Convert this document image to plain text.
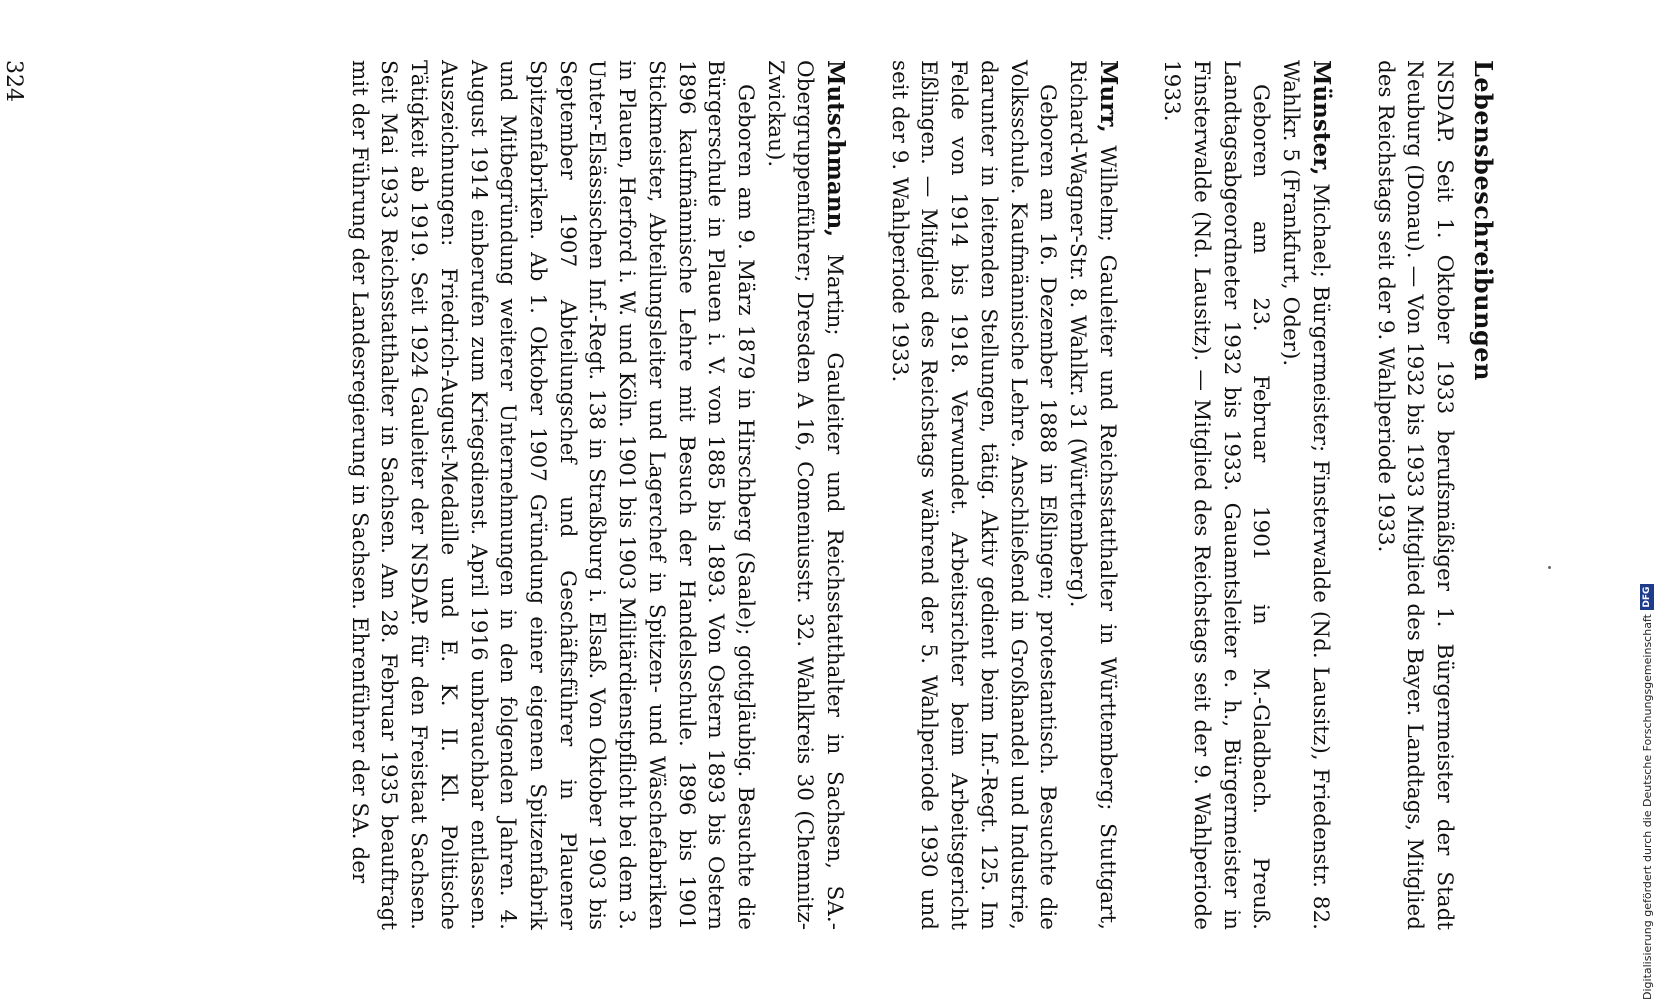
Lebensbeschreibungen

NSDAP. Seit 1. Oktober 1933 berufsmäßiger 1. Bürgermeister der Stadt Neuburg (Donau). — Von 1932 bis 1933 Mitglied des Bayer. Landtags, Mitglied des Reichstags seit der 9. Wahlperiode 1933.

Münster, Michael; Bürgermeister; Finsterwalde (Nd. Lausitz), Friedenstr. 82. Wahlkr. 5 (Frankfurt, Oder).

Geboren am 23. Februar 1901 in M.-Gladbach. Preuß. Landtagsabgeordneter 1932 bis 1933. Gauamtsleiter e. h., Bürgermeister in Finsterwalde (Nd. Lausitz). — Mitglied des Reichstags seit der 9. Wahlperiode 1933.

Murr, Wilhelm; Gauleiter und Reichsstatthalter in Württemberg; Stuttgart, Richard-Wagner-Str. 8. Wahlkr. 31 (Württemberg).

Geboren am 16. Dezember 1888 in Eßlingen; protestantisch. Besuchte die Volksschule. Kaufmännische Lehre. Anschließend in Großhandel und Industrie, darunter in leitenden Stellungen, tätig. Aktiv gedient beim Inf.-Regt. 125. Im Felde von 1914 bis 1918. Verwundet. Arbeitsrichter beim Arbeitsgericht Eßlingen. — Mitglied des Reichstags während der 5. Wahlperiode 1930 und seit der 9. Wahlperiode 1933.

Mutschmann, Martin; Gauleiter und Reichsstatthalter in Sachsen, SA.-Obergruppenführer; Dresden A 16, Comeniusstr. 32. Wahlkreis 30 (Chemnitz-Zwickau).

Geboren am 9. März 1879 in Hirschberg (Saale); gottgläubig. Besuchte die Bürgerschule in Plauen i. V. von 1885 bis 1893. Von Ostern 1893 bis Ostern 1896 kaufmännische Lehre mit Besuch der Handelsschule. 1896 bis 1901 Stickmeister, Abteilungsleiter und Lagerchef in Spitzen- und Wäschefabriken in Plauen, Herford i. W. und Köln. 1901 bis 1903 Militärdienstpflicht bei dem 3. Unter-Elsässischen Inf.-Regt. 138 in Straßburg i. Elsaß. Von Oktober 1903 bis September 1907 Abteilungschef und Geschäftsführer in Plauener Spitzenfabriken. Ab 1. Oktober 1907 Gründung einer eigenen Spitzenfabrik und Mitbegründung weiterer Unternehmungen in den folgenden Jahren. 4. August 1914 einberufen zum Kriegsdienst. April 1916 unbrauchbar entlassen. Auszeichnungen: Friedrich-August-Medaille und E. K. II. Kl. Politische Tätigkeit ab 1919. Seit 1924 Gauleiter der NSDAP. für den Freistaat Sachsen. Seit Mai 1933 Reichsstatthalter in Sachsen. Am 28. Februar 1935 beauftragt mit der Führung der Landesregierung in Sachsen. Ehrenführer der SA. der

324
Digitalisierung gefördert durch die Deutsche Forschungsgemeinschaft
DFG
